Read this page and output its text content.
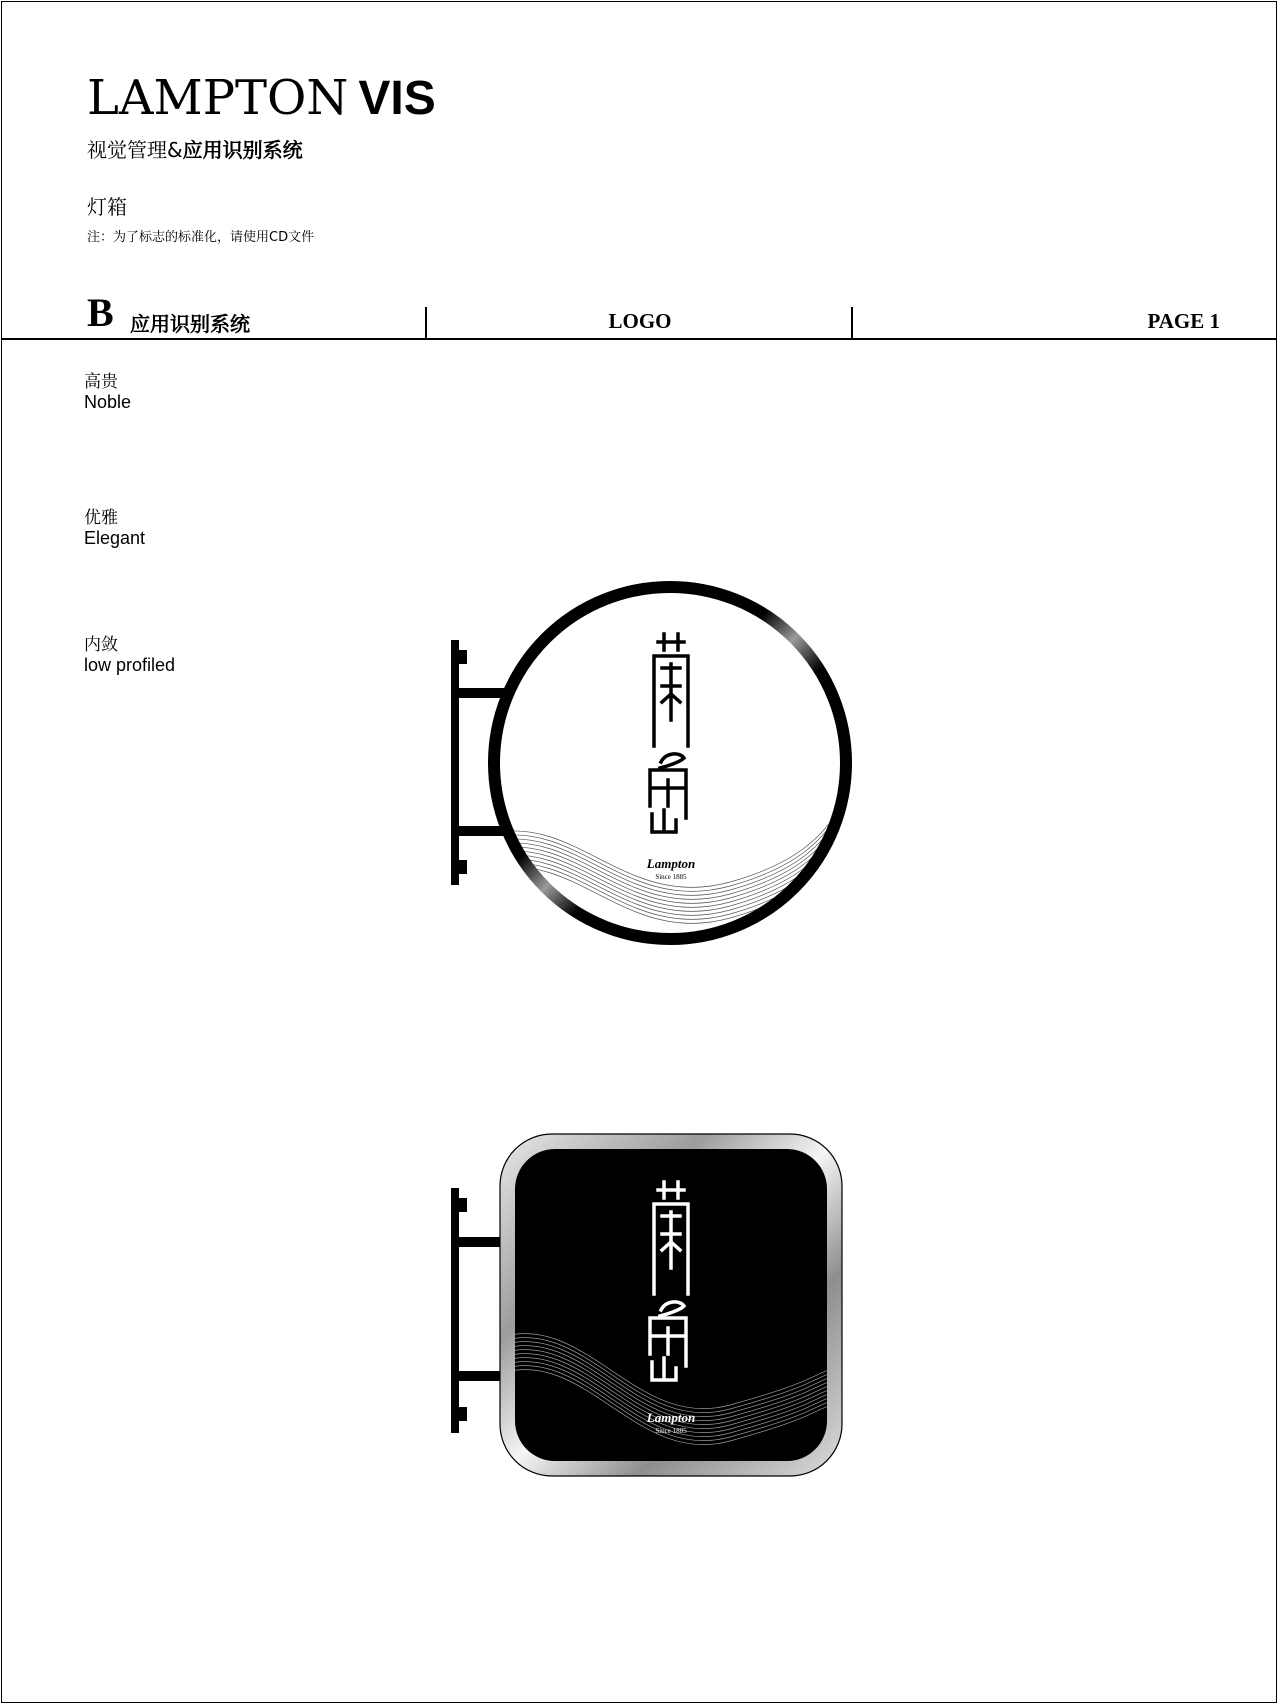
LAMPTON VIS
视觉管理&应用识别系统
灯箱
注：为了标志的标准化，请使用CD文件
B 应用识别系统	LOGO	PAGE 1
高贵
Noble
优雅
Elegant
内敛
low profiled
Lampton
Since 1885
Lampton
Since 1885
